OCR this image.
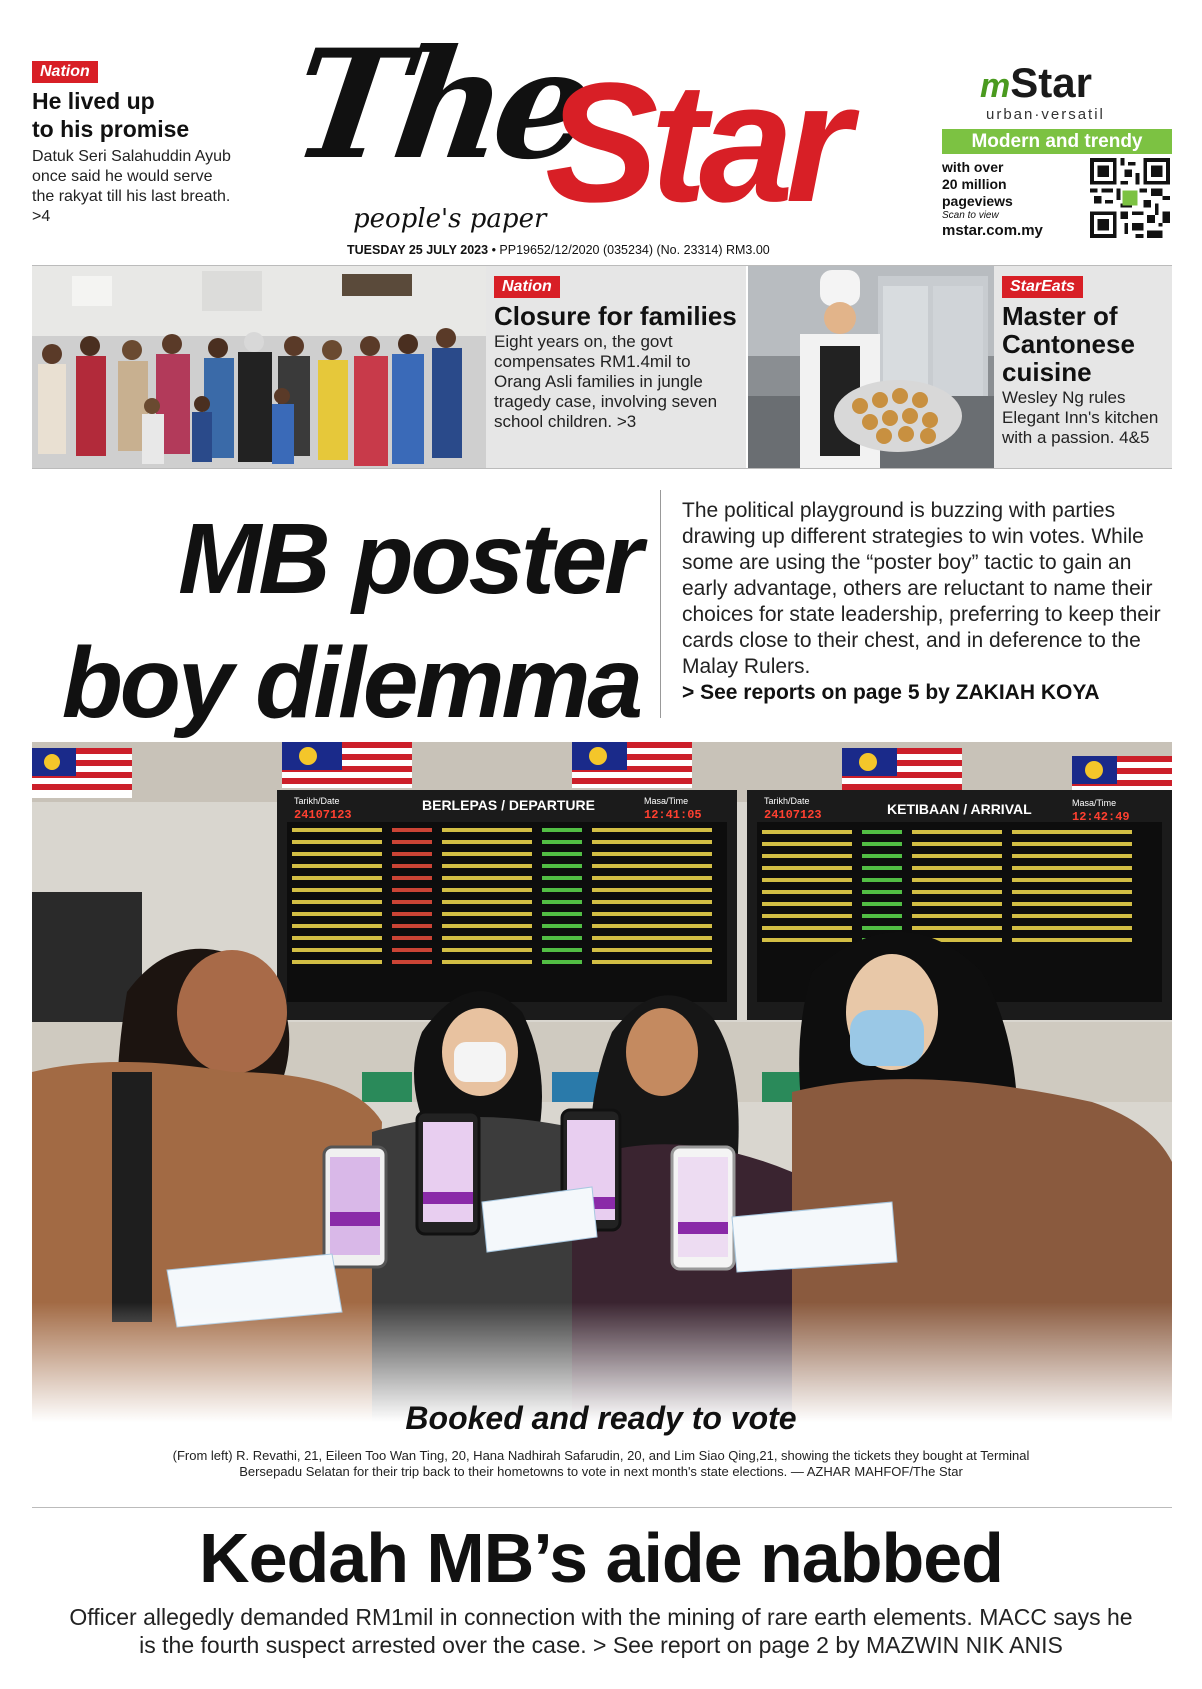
Nation
He lived up
to his promise
Datuk Seri Salahuddin Ayub once said he would serve the rakyat till his last breath. >4
The
Star
people's paper
TUESDAY 25 JULY 2023 • PP19652/12/2020 (035234) (No. 23314) RM3.00
mStar
urban·versatil
Modern and trendy
with over
20 million
pageviews
Scan to view
mstar.com.my
Nation
Closure for families
Eight years on, the govt compensates RM1.4mil to Orang Asli families in jungle tragedy case, involving seven school children. >3
StarEats
Master of Cantonese cuisine
Wesley Ng rules Elegant Inn's kitchen with a passion. 4&5
MB poster
boy dilemma
The political playground is buzzing with parties drawing up different strategies to win votes. While some are using the “poster boy” tactic to gain an early advantage, others are reluctant to name their choices for state leadership, preferring to keep their cards close to their chest, and in deference to the Malay Rulers.
> See reports on page 5 by ZAKIAH KOYA
Tarikh/Date
24107123
BERLEPAS / DEPARTURE	Masa/Time
12:41:05
Tarikh/Date
24107123	KETIBAAN / ARRIVAL	Masa/Time
12:42:49
Booked and ready to vote
(From left) R. Revathi, 21, Eileen Too Wan Ting, 20, Hana Nadhirah Safarudin, 20, and Lim Siao Qing,21, showing the tickets they bought at Terminal Bersepadu Selatan for their trip back to their hometowns to vote in next month's state elections. — AZHAR MAHFOF/The Star
Kedah MB’s aide nabbed
Officer allegedly demanded RM1mil in connection with the mining of rare earth elements. MACC says he is the fourth suspect arrested over the case. > See report on page 2 by MAZWIN NIK ANIS
